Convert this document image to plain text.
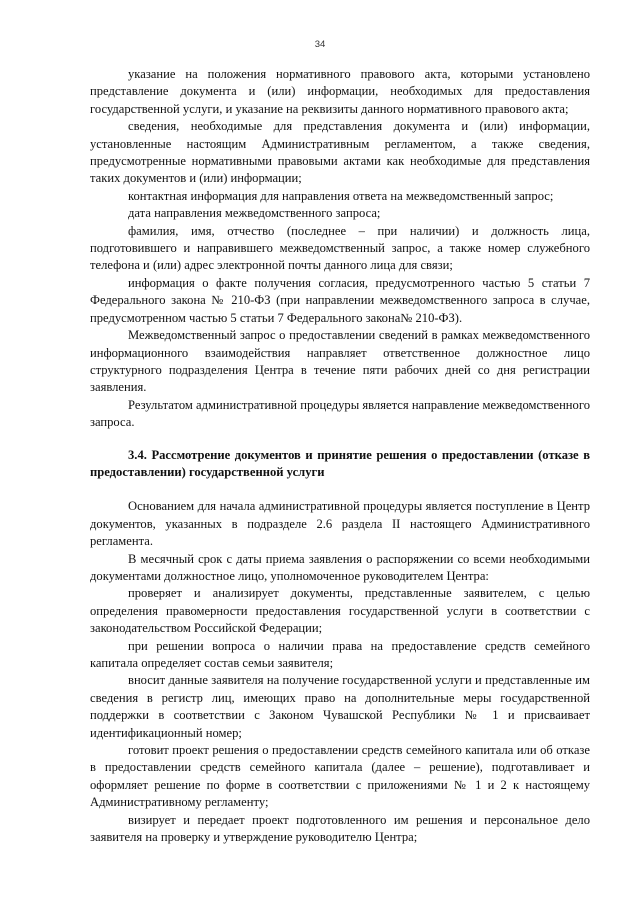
34

указание на положения нормативного правового акта, которыми установлено представление документа и (или) информации, необходимых для предоставления государственной услуги, и указание на реквизиты данного нормативного правового акта;

сведения, необходимые для представления документа и (или) информации, установленные настоящим Административным регламентом, а также сведения, предусмотренные нормативными правовыми актами как необходимые для представления таких документов и (или) информации;

контактная информация для направления ответа на межведомственный запрос;

дата направления межведомственного запроса;

фамилия, имя, отчество (последнее – при наличии) и должность лица, подготовившего и направившего межведомственный запрос, а также номер служебного телефона и (или) адрес электронной почты данного лица для связи;

информация о факте получения согласия, предусмотренного частью 5 статьи 7 Федерального закона № 210-ФЗ (при направлении межведомственного запроса в случае, предусмотренном частью 5 статьи 7 Федерального закона№ 210-ФЗ).

Межведомственный запрос о предоставлении сведений в рамках межведомственного информационного взаимодействия направляет ответственное должностное лицо структурного подразделения Центра в течение пяти рабочих дней со дня регистрации заявления.

Результатом административной процедуры является направление межведомственного запроса.

3.4. Рассмотрение документов и принятие решения о предоставлении (отказе в предоставлении) государственной услуги

Основанием для начала административной процедуры является поступление в Центр документов, указанных в подразделе 2.6 раздела II настоящего Административного регламента.

В месячный срок с даты приема заявления о распоряжении со всеми необходимыми документами должностное лицо, уполномоченное руководителем Центра:

проверяет и анализирует документы, представленные заявителем, с целью определения правомерности предоставления государственной услуги в соответствии с законодательством Российской Федерации;

при решении вопроса о наличии права на предоставление средств семейного капитала определяет состав семьи заявителя;

вносит данные заявителя на получение государственной услуги и представленные им сведения в регистр лиц, имеющих право на дополнительные меры государственной поддержки в соответствии с Законом Чувашской Республики № 1 и присваивает идентификационный номер;

готовит проект решения о предоставлении средств семейного капитала или об отказе в предоставлении средств семейного капитала (далее – решение), подготавливает и оформляет решение по форме в соответствии с приложениями № 1 и 2 к настоящему Административному регламенту;

визирует и передает проект подготовленного им решения и персональное дело заявителя на проверку и утверждение руководителю Центра;
